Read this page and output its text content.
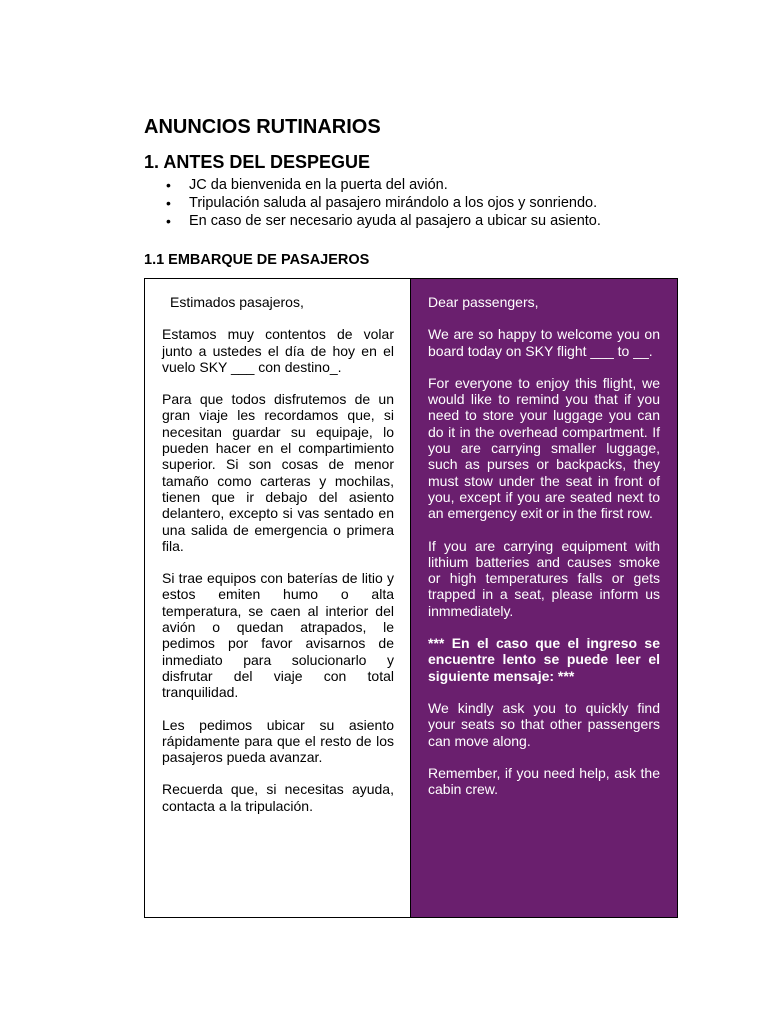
ANUNCIOS RUTINARIOS
1. ANTES DEL DESPEGUE
• JC da bienvenida en la puerta del avión.
• Tripulación saluda al pasajero mirándolo a los ojos y sonriendo.
• En caso de ser necesario ayuda al pasajero a ubicar su asiento.
1.1 EMBARQUE DE PASAJEROS

Estimados pasajeros,

Estamos muy contentos de volar junto a ustedes el día de hoy en el vuelo SKY ___ con destino_.

Para que todos disfrutemos de un gran viaje les recordamos que, si necesitan guardar su equipaje, lo pueden hacer en el compartimiento superior. Si son cosas de menor tamaño como carteras y mochilas, tienen que ir debajo del asiento delantero, excepto si vas sentado en una salida de emergencia o primera fila.

Si trae equipos con baterías de litio y estos emiten humo o alta temperatura, se caen al interior del avión o quedan atrapados, le pedimos por favor avisarnos de inmediato para solucionarlo y disfrutar del viaje con total tranquilidad.

Les pedimos ubicar su asiento rápidamente para que el resto de los pasajeros pueda avanzar.

Recuerda que, si necesitas ayuda, contacta a la tripulación.

Dear passengers,

We are so happy to welcome you on board today on SKY flight ___ to __.

For everyone to enjoy this flight, we would like to remind you that if you need to store your luggage you can do it in the overhead compartment. If you are carrying smaller luggage, such as purses or backpacks, they must stow under the seat in front of you, except if you are seated next to an emergency exit or in the first row.

If you are carrying equipment with lithium batteries and causes smoke or high temperatures falls or gets trapped in a seat, please inform us inmmediately.

*** En el caso que el ingreso se encuentre lento se puede leer el siguiente mensaje: ***

We kindly ask you to quickly find your seats so that other passengers can move along.

Remember, if you need help, ask the cabin crew.
